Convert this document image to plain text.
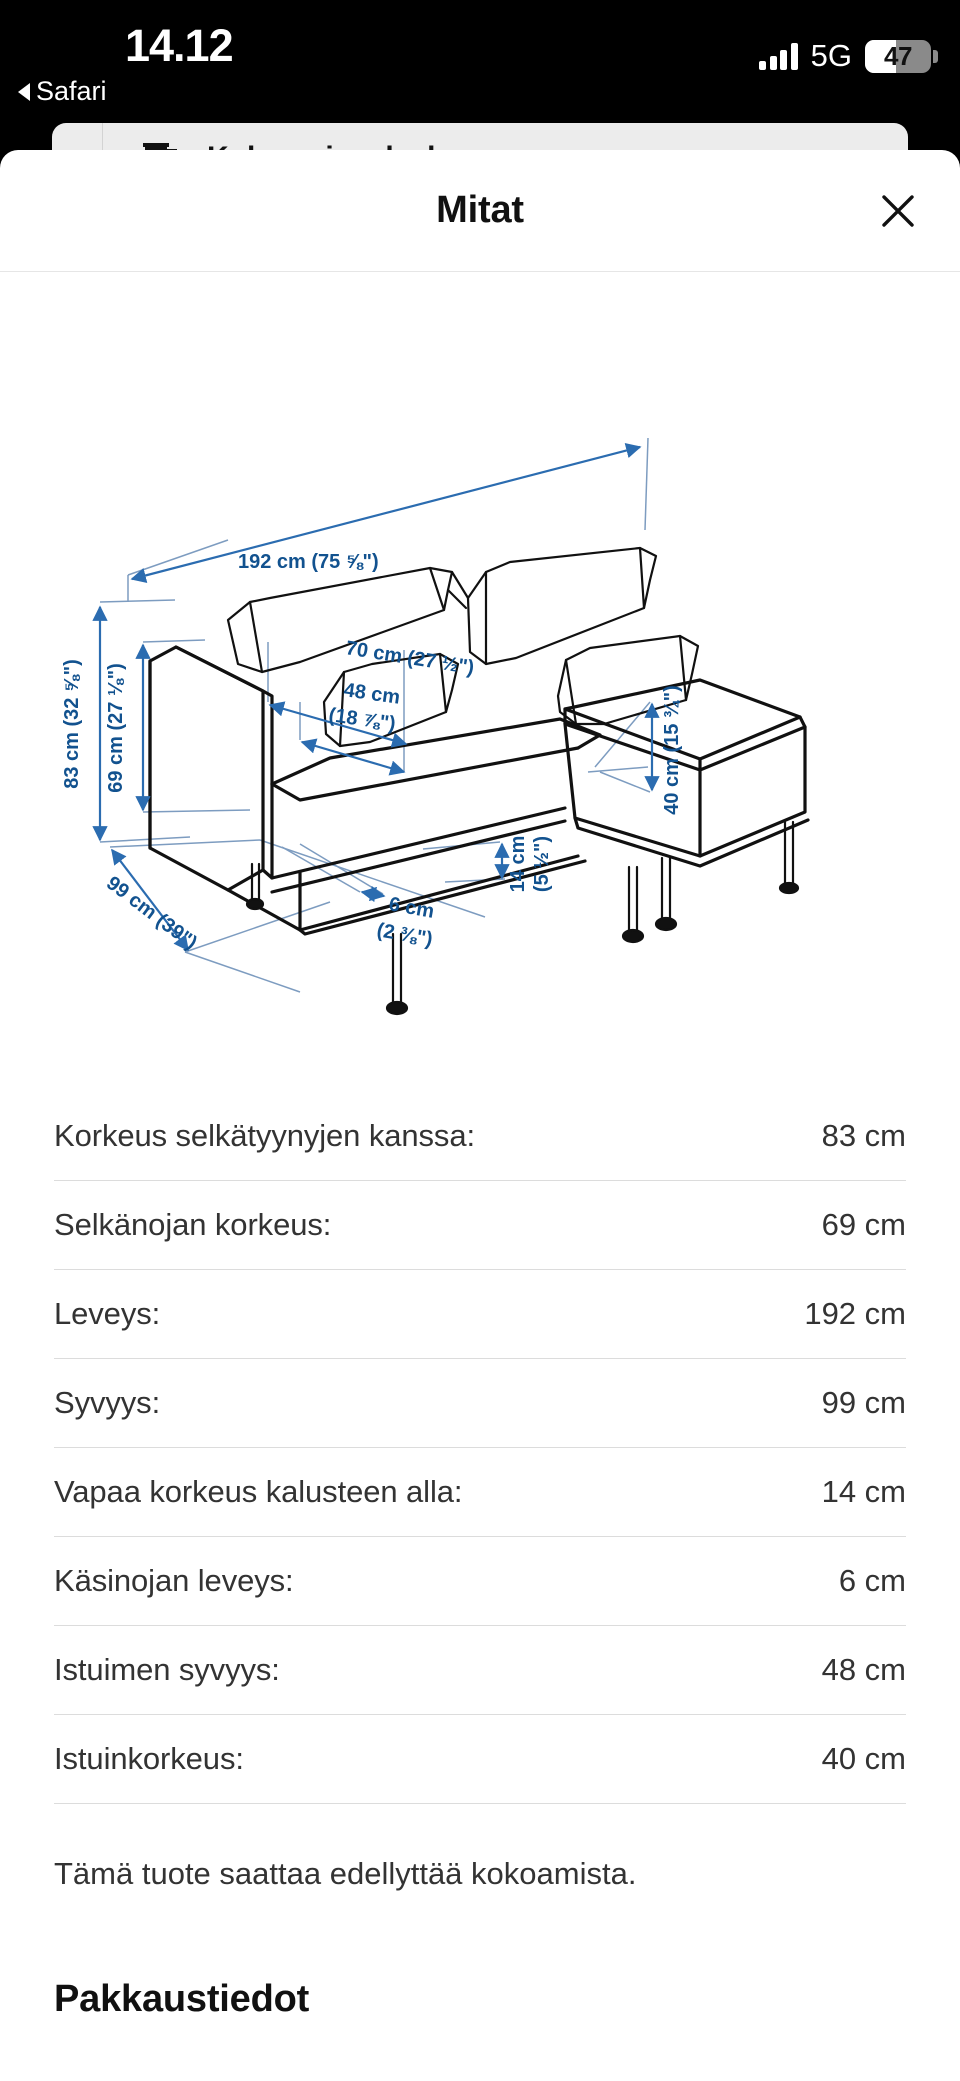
14.12
Safari
5G 47
Mitat
192 cm (75 ⅝")
83 cm (32 ⅝") 69 cm (27 ⅛")
99 cm (39")
70 cm (27 ½")
48 cm
(18 ⅞")	40 cm (15 ¾")
14 cm (5 ½")
6 cm
(2 ⅜")
Korkeus selkätyynyjen kanssa:	83 cm
Selkänojan korkeus:	69 cm
Leveys:	192 cm
Syvyys:	99 cm
Vapaa korkeus kalusteen alla:	14 cm
Käsinojan leveys:	6 cm
Istuimen syvyys:	48 cm
Istuinkorkeus:	40 cm
Tämä tuote saattaa edellyttää kokoamista.
Pakkaustiedot
